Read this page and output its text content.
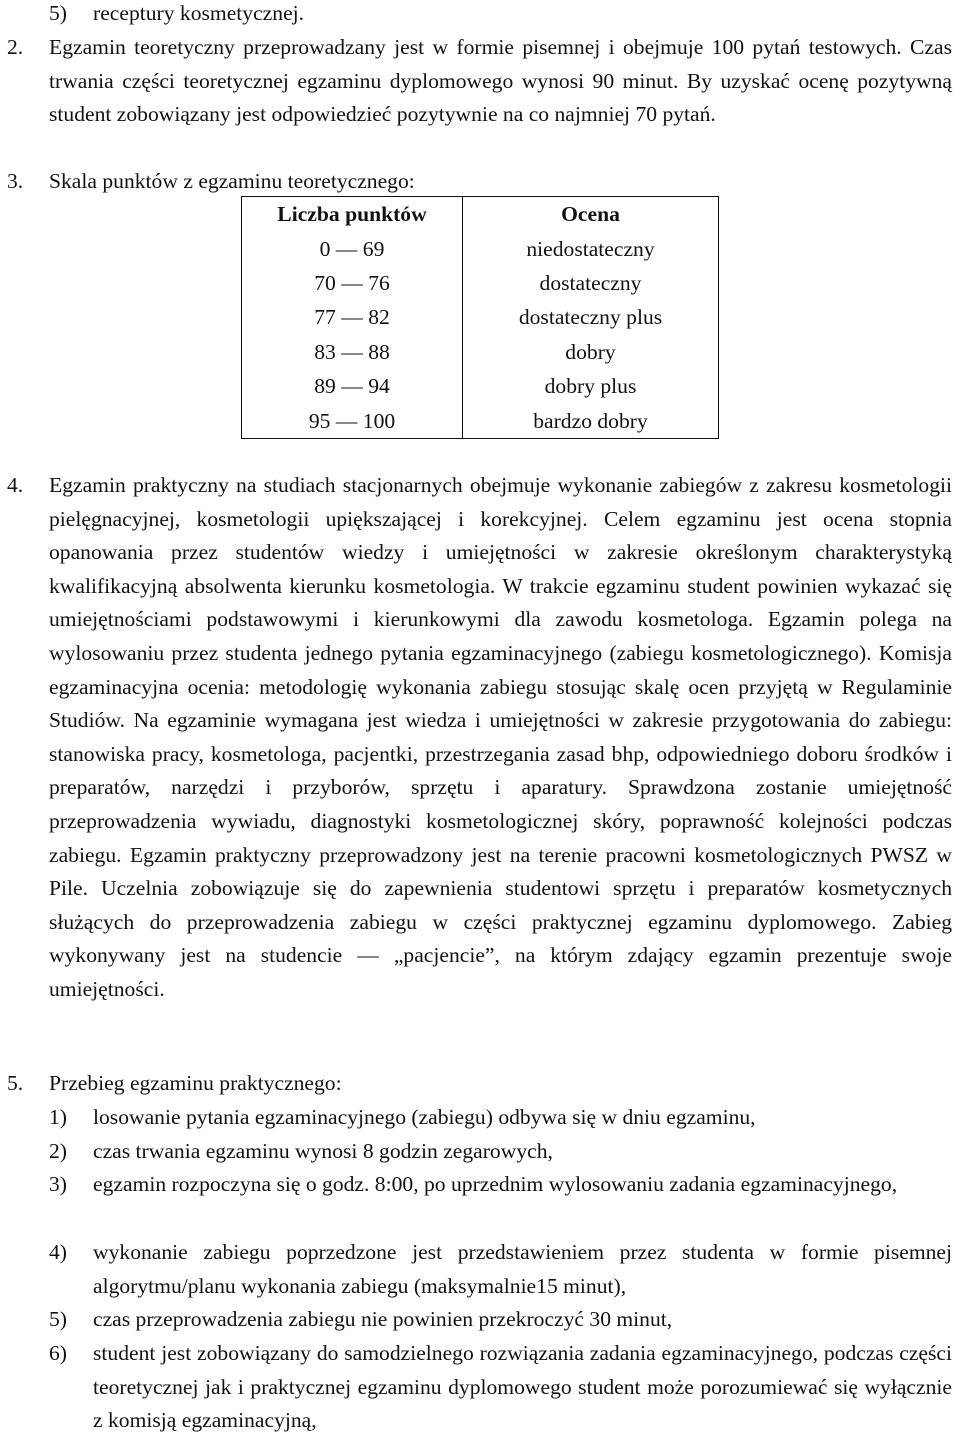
5) receptury kosmetycznej.
2. Egzamin teoretyczny przeprowadzany jest w formie pisemnej i obejmuje 100 pytań testowych. Czas trwania części teoretycznej egzaminu dyplomowego wynosi 90 minut. By uzyskać ocenę pozytywną student zobowiązany jest odpowiedzieć pozytywnie na co najmniej 70 pytań.
3. Skala punktów z egzaminu teoretycznego:
Liczba punktów	Ocena
0 — 69	niedostateczny
70 — 76	dostateczny
77 — 82	dostateczny plus
83 — 88	dobry
89 — 94	dobry plus
95 — 100	bardzo dobry
4. Egzamin praktyczny na studiach stacjonarnych obejmuje wykonanie zabiegów z zakresu kosmetologii pielęgnacyjnej, kosmetologii upiększającej i korekcyjnej. Celem egzaminu jest ocena stopnia opanowania przez studentów wiedzy i umiejętności w zakresie określonym charakterystyką kwalifikacyjną absolwenta kierunku kosmetologia. W trakcie egzaminu student powinien wykazać się umiejętnościami podstawowymi i kierunkowymi dla zawodu kosmetologa. Egzamin polega na wylosowaniu przez studenta jednego pytania egzaminacyjnego (zabiegu kosmetologicznego). Komisja egzaminacyjna ocenia: metodologię wykonania zabiegu stosując skalę ocen przyjętą w Regulaminie Studiów. Na egzaminie wymagana jest wiedza i umiejętności w zakresie przygotowania do zabiegu: stanowiska pracy, kosmetologa, pacjentki, przestrzegania zasad bhp, odpowiedniego doboru środków i preparatów, narzędzi i przyborów, sprzętu i aparatury. Sprawdzona zostanie umiejętność przeprowadzenia wywiadu, diagnostyki kosmetologicznej skóry, poprawność kolejności podczas zabiegu. Egzamin praktyczny przeprowadzony jest na terenie pracowni kosmetologicznych PWSZ w Pile. Uczelnia zobowiązuje się do zapewnienia studentowi sprzętu i preparatów kosmetycznych służących do przeprowadzenia zabiegu w części praktycznej egzaminu dyplomowego. Zabieg wykonywany jest na studencie — „pacjencie”, na którym zdający egzamin prezentuje swoje umiejętności.
5. Przebieg egzaminu praktycznego:
1) losowanie pytania egzaminacyjnego (zabiegu) odbywa się w dniu egzaminu,
2) czas trwania egzaminu wynosi 8 godzin zegarowych,
3) egzamin rozpoczyna się o godz. 8:00, po uprzednim wylosowaniu zadania egzaminacyjnego,
4) wykonanie zabiegu poprzedzone jest przedstawieniem przez studenta w formie pisemnej algorytmu/planu wykonania zabiegu (maksymalnie15 minut),
5) czas przeprowadzenia zabiegu nie powinien przekroczyć 30 minut,
6) student jest zobowiązany do samodzielnego rozwiązania zadania egzaminacyjnego, podczas części teoretycznej jak i praktycznej egzaminu dyplomowego student może porozumiewać się wyłącznie z komisją egzaminacyjną,
